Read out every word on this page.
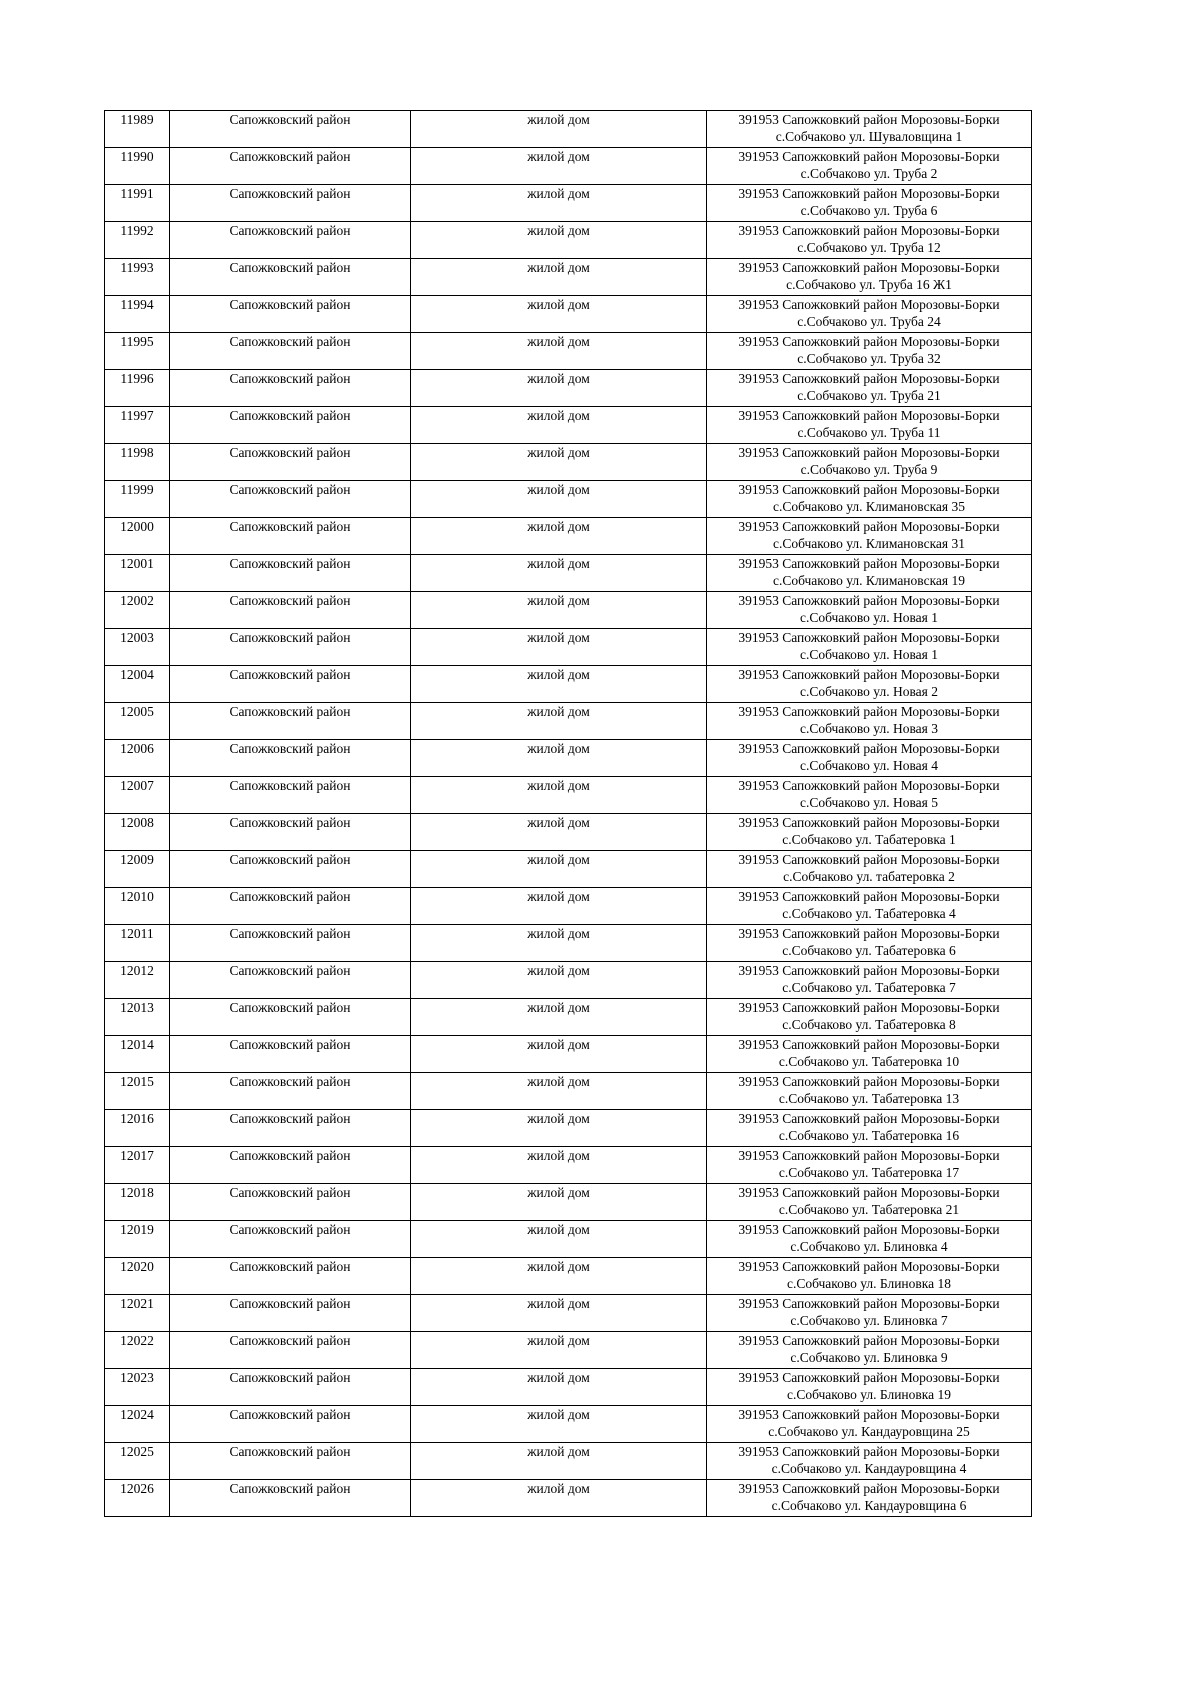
11989	Сапожковский район	жилой дом	391953 Сапожковкий район Морозовы-Борки
с.Собчаково ул. Шуваловщина 1

11990	Сапожковский район	жилой дом	391953 Сапожковкий район Морозовы-Борки
с.Собчаково ул. Труба 2

11991	Сапожковский район	жилой дом	391953 Сапожковкий район Морозовы-Борки
с.Собчаково ул. Труба 6

11992	Сапожковский район	жилой дом	391953 Сапожковкий район Морозовы-Борки
с.Собчаково ул. Труба 12

11993	Сапожковский район	жилой дом	391953 Сапожковкий район Морозовы-Борки
с.Собчаково ул. Труба 16 Ж1

11994	Сапожковский район	жилой дом	391953 Сапожковкий район Морозовы-Борки
с.Собчаково ул. Труба 24

11995	Сапожковский район	жилой дом	391953 Сапожковкий район Морозовы-Борки
с.Собчаково ул. Труба 32

11996	Сапожковский район	жилой дом	391953 Сапожковкий район Морозовы-Борки
с.Собчаково ул. Труба 21

11997	Сапожковский район	жилой дом	391953 Сапожковкий район Морозовы-Борки
с.Собчаково ул. Труба 11

11998	Сапожковский район	жилой дом	391953 Сапожковкий район Морозовы-Борки
с.Собчаково ул. Труба 9

11999	Сапожковский район	жилой дом	391953 Сапожковкий район Морозовы-Борки
с.Собчаково ул. Климановская 35

12000	Сапожковский район	жилой дом	391953 Сапожковкий район Морозовы-Борки
с.Собчаково ул. Климановская 31

12001	Сапожковский район	жилой дом	391953 Сапожковкий район Морозовы-Борки
с.Собчаково ул. Климановская 19

12002	Сапожковский район	жилой дом	391953 Сапожковкий район Морозовы-Борки
с.Собчаково ул. Новая 1

12003	Сапожковский район	жилой дом	391953 Сапожковкий район Морозовы-Борки
с.Собчаково ул. Новая 1

12004	Сапожковский район	жилой дом	391953 Сапожковкий район Морозовы-Борки
с.Собчаково ул. Новая 2

12005	Сапожковский район	жилой дом	391953 Сапожковкий район Морозовы-Борки
с.Собчаково ул. Новая 3

12006	Сапожковский район	жилой дом	391953 Сапожковкий район Морозовы-Борки
с.Собчаково ул. Новая 4

12007	Сапожковский район	жилой дом	391953 Сапожковкий район Морозовы-Борки
с.Собчаково ул. Новая 5

12008	Сапожковский район	жилой дом	391953 Сапожковкий район Морозовы-Борки
с.Собчаково ул. Табатеровка 1

12009	Сапожковский район	жилой дом	391953 Сапожковкий район Морозовы-Борки
с.Собчаково ул. табатеровка 2

12010	Сапожковский район	жилой дом	391953 Сапожковкий район Морозовы-Борки
с.Собчаково ул. Табатеровка 4

12011	Сапожковский район	жилой дом	391953 Сапожковкий район Морозовы-Борки
с.Собчаково ул. Табатеровка 6

12012	Сапожковский район	жилой дом	391953 Сапожковкий район Морозовы-Борки
с.Собчаково ул. Табатеровка 7

12013	Сапожковский район	жилой дом	391953 Сапожковкий район Морозовы-Борки
с.Собчаково ул. Табатеровка 8

12014	Сапожковский район	жилой дом	391953 Сапожковкий район Морозовы-Борки
с.Собчаково ул. Табатеровка 10

12015	Сапожковский район	жилой дом	391953 Сапожковкий район Морозовы-Борки
с.Собчаково ул. Табатеровка 13

12016	Сапожковский район	жилой дом	391953 Сапожковкий район Морозовы-Борки
с.Собчаково ул. Табатеровка 16

12017	Сапожковский район	жилой дом	391953 Сапожковкий район Морозовы-Борки
с.Собчаково ул. Табатеровка 17

12018	Сапожковский район	жилой дом	391953 Сапожковкий район Морозовы-Борки
с.Собчаково ул. Табатеровка 21

12019	Сапожковский район	жилой дом	391953 Сапожковкий район Морозовы-Борки
с.Собчаково ул. Блиновка 4

12020	Сапожковский район	жилой дом	391953 Сапожковкий район Морозовы-Борки
с.Собчаково ул. Блиновка 18

12021	Сапожковский район	жилой дом	391953 Сапожковкий район Морозовы-Борки
с.Собчаково ул. Блиновка 7

12022	Сапожковский район	жилой дом	391953 Сапожковкий район Морозовы-Борки
с.Собчаково ул. Блиновка 9

12023	Сапожковский район	жилой дом	391953 Сапожковкий район Морозовы-Борки
с.Собчаково ул. Блиновка 19

12024	Сапожковский район	жилой дом	391953 Сапожковкий район Морозовы-Борки
с.Собчаково ул. Кандауровщина 25

12025	Сапожковский район	жилой дом	391953 Сапожковкий район Морозовы-Борки
с.Собчаково ул. Кандауровщина 4

12026	Сапожковский район	жилой дом	391953 Сапожковкий район Морозовы-Борки
с.Собчаково ул. Кандауровщина 6
